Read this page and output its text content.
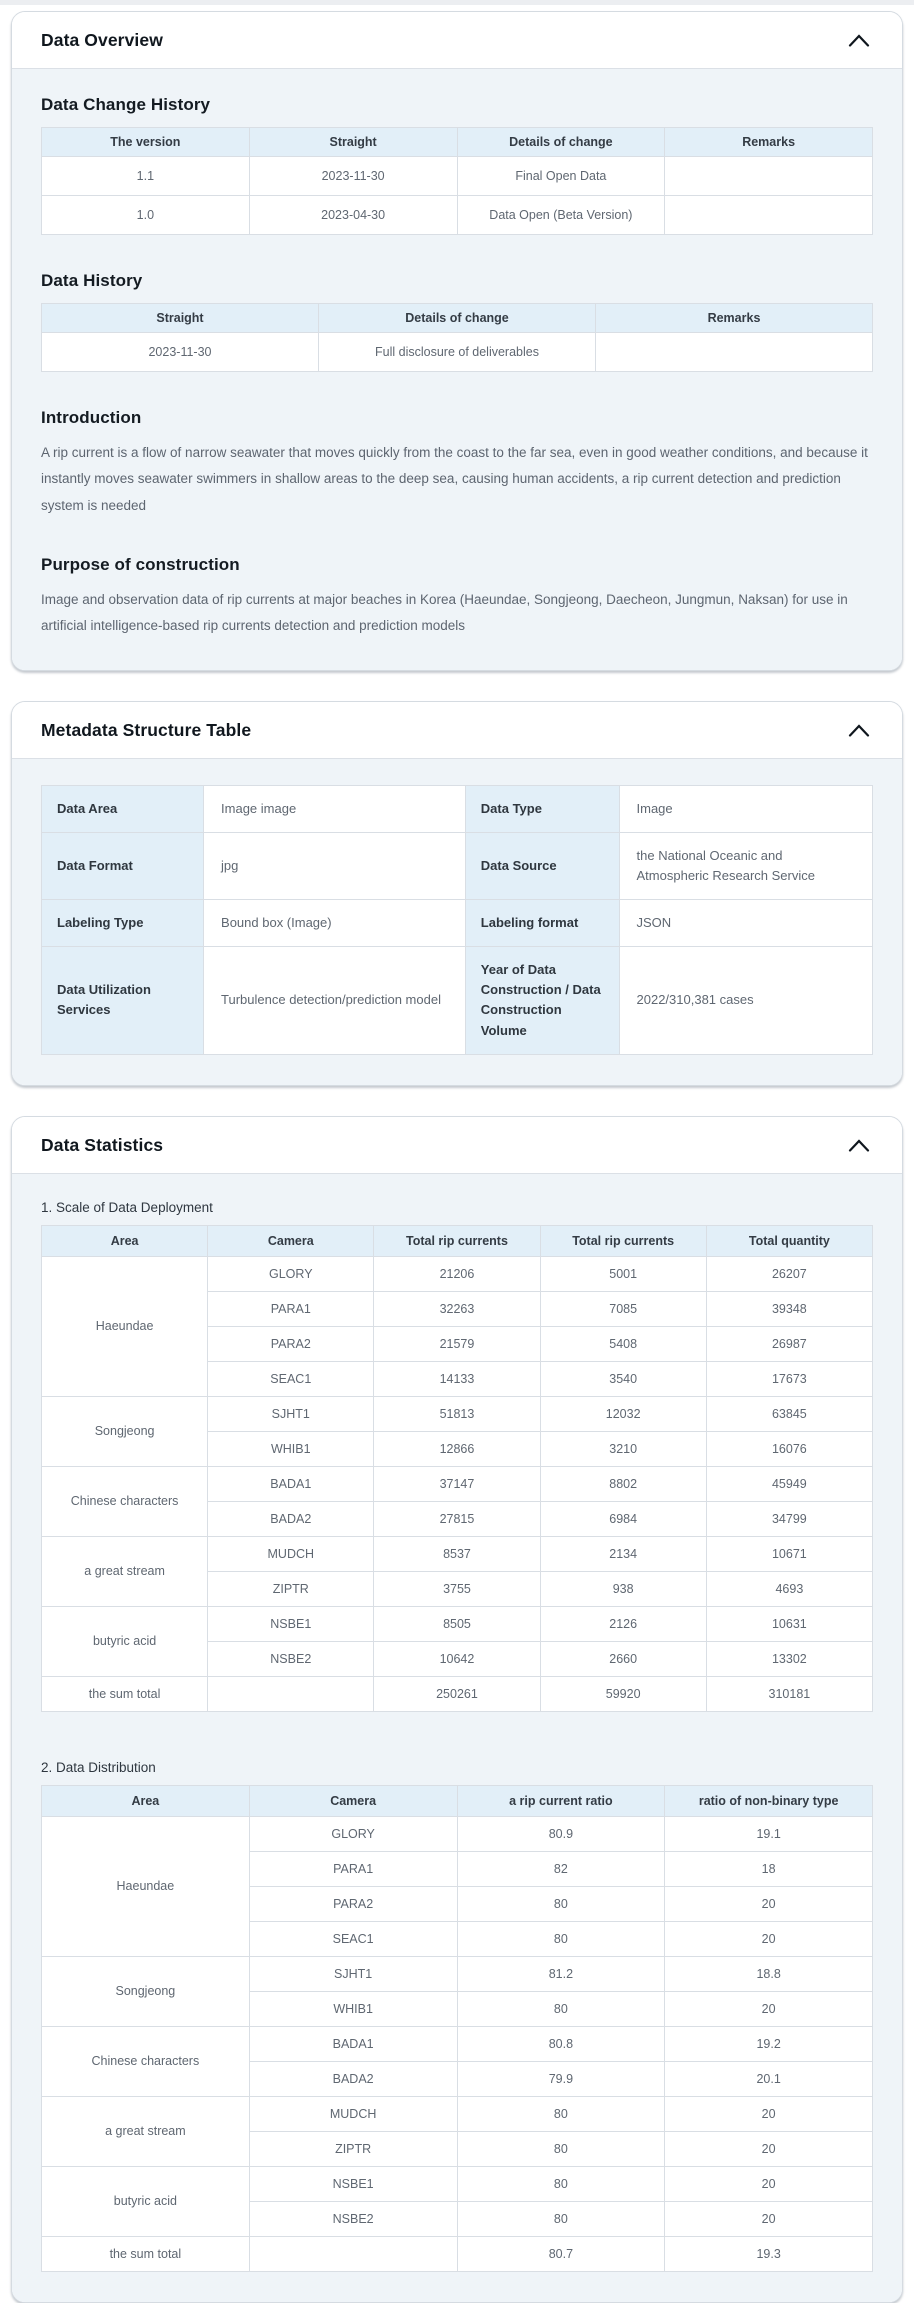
Data Overview
Data Change History
The version	Straight	Details of change	Remarks
1.1	2023-11-30	Final Open Data	
1.0	2023-04-30	Data Open (Beta Version)	
Data History
Straight	Details of change	Remarks
2023-11-30	Full disclosure of deliverables	
Introduction

A rip current is a flow of narrow seawater that moves quickly from the coast to the far sea, even in good weather conditions, and because it instantly moves seawater swimmers in shallow areas to the deep sea, causing human accidents, a rip current detection and prediction system is needed

Purpose of construction

Image and observation data of rip currents at major beaches in Korea (Haeundae, Songjeong, Daecheon, Jungmun, Naksan) for use in artificial intelligence-based rip currents detection and prediction models

Metadata Structure Table
Data Area	Image image	Data Type	Image
Data Format	jpg	Data Source	the National Oceanic and Atmospheric Research Service
Labeling Type	Bound box (Image)	Labeling format	JSON
Data Utilization Services	Turbulence detection/prediction model	Year of Data Construction / Data Construction Volume	2022/310,381 cases
Data Statistics

1. Scale of Data Deployment

Area	Camera	Total rip currents	Total rip currents	Total quantity
Haeundae	GLORY	21206	5001	26207
	PARA1	32263	7085	39348
	PARA2	21579	5408	26987
	SEAC1	14133	3540	17673
Songjeong	SJHT1	51813	12032	63845
	WHIB1	12866	3210	16076
Chinese characters	BADA1	37147	8802	45949
	BADA2	27815	6984	34799
a great stream	MUDCH	8537	2134	10671
	ZIPTR	3755	938	4693
butyric acid	NSBE1	8505	2126	10631
	NSBE2	10642	2660	13302
the sum total		250261	59920	310181

2. Data Distribution

Area	Camera	a rip current ratio	ratio of non-binary type
Haeundae	GLORY	80.9	19.1
	PARA1	82	18
	PARA2	80	20
	SEAC1	80	20
Songjeong	SJHT1	81.2	18.8
	WHIB1	80	20
Chinese characters	BADA1	80.8	19.2
	BADA2	79.9	20.1
a great stream	MUDCH	80	20
	ZIPTR	80	20
butyric acid	NSBE1	80	20
	NSBE2	80	20
the sum total		80.7	19.3
